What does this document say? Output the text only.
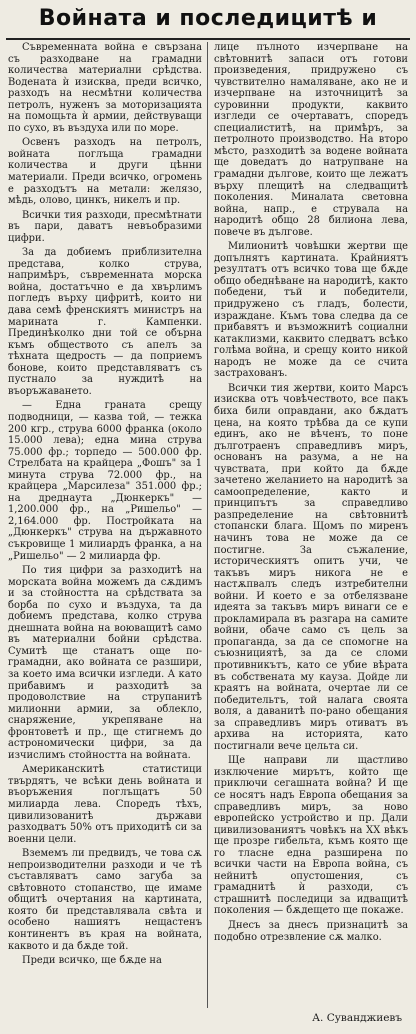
Войната и последицитѣ и

Съвременната война е свързана съ разходване на грамадни количества материални срѣдства. Водената ѝ изисква, преди всичко, разходъ на несмѣтни количества петролъ, нуженъ за моторизацията на помощьта ѝ армии, действуващи по сухо, въ въздуха или по море.

Освенъ разходъ на петролъ, войната поглъща грамадни количества и други цѣнни материали. Преди всичко, огромень е разходътъ на метали: желязо, мѣдь, олово, цинкъ, никелъ и пр.

Всички тия разходи, пресмѣтнати въ пари, даватъ невъобразими цифри.

За да добиемъ приблизителна представа, колко струва, напримѣръ, съвременната морска война, достатъчно е да хвърлимъ погледъ върху цифритѣ, които ни дава семѣ френскиятъ министръ на марината г. Кампенки. Прединѣколко дни той се обърна къмъ обществото съ апелъ за тѣхната щедрость — да поприемъ бонове, които представляватъ съ пустнало за нуждитѣ на въоръжаването.

— Една граната срещу подводници, — казва той, — тежка 200 кгр., струва 6000 франка (около 15.000 лева); една мина струва 75.000 фр.; торпедо — 500.000 фр. Стрелбата на крайцера „Фошъ" за 1 минута струва 72.000 фр., на крайцера „Марсилеза" 351.000 фр.; на дреднаута „Дюнкеркъ" — 1,200.000 фр., на „Ришельо" — 2,164.000 фр. Постройката на „Дюнкеркъ" струва на държавното съкровище 1 милиардъ франка, а на „Ришельо" — 2 милиарда фр.

По тия цифри за разходитѣ на морската война можемъ да сѫдимъ и за стойността на срѣдствата за борба по сухо и въздуха, та да добиемъ представа, колко струва днешната война на воюващитѣ само въ материални бойни срѣдства. Сумитѣ ще станатъ още по-грамадни, ако войната се разшири, за което има всички изгледи. А като прибавимъ и разходитѣ за продоволствие на струпанитѣ милионни армии, за облекло, снаряжение, укрепяване на фронтоветѣ и пр., ще стигнемъ до астрономически цифри, за да изчислимъ стойността на войната.

Американскитѣ статистици твърдятъ, че всѣки день войната и въоръжения поглъщатъ 50 милиарда лева. Споредъ тѣхъ, цивилизованитѣ държави разходватъ 50% отъ приходитѣ си за военни цели.

Вземемъ ли предвидъ, че това сѫ непроизводителни разходи и че тѣ съставляватъ само загуба за свѣтовното стопанство, ще имаме общитѣ очертания на картината, която би представлявала свѣта и особено нашиятъ нещастенъ континентъ въ края на войната, каквото и да бѫде той.

Преди всичко, ще бѫде на

лице пълното изчерпване на свѣтовнитѣ запаси отъ готови произведения, придружено съ чувствително намаляване, ако не и изчерпване на източницитѣ за суровинни продукти, каквито изгледи се очертаватъ, споредъ специалиститѣ, на примѣръ, за петролното производство. На второ мѣсто, разходитѣ за водене войната ще доведатъ до натрупване на грамадни дългове, които ще лежатъ върху плещитѣ на следващитѣ поколения. Миналата световна война, напр., е струвала на народитѣ общо 28 билиона лева, повече въ дългове.

Милионитѣ човѣшки жертви ще допълнятъ картината. Крайниятъ резултатъ отъ всичко това ще бѫде общо обеднѣване на народитѣ, както победени, тъй и победители, придружено съ гладъ, болести, израждане. Къмъ това следва да се прибавятъ и възможнитѣ социални катаклизми, каквито следватъ всѣко голѣма война, и срещу които никой народъ не може да се счита застрахованъ.

Всички тия жертви, които Марсъ изисква отъ човѣчеството, все пакъ биха били оправдани, ако бѫдатъ цена, на която трѣбва да се купи единъ, ако не вѣченъ, то поне дълготраенъ справедливъ миръ, основанъ на разума, а не на чувствата, при който да бѫде зачетено желанието на народитѣ за самоопределение, както и принципътъ за справедливо разпределение на свѣтовнитѣ стопански блага. Щомъ по миренъ начинъ това не може да се постигне. За съжаление, историческиятъ опитъ учи, че такъвъ миръ никога не е настѫпвалъ следъ изтребителни войни. И което е за отбелязване идеята за такъвъ миръ винаги се е прокламирала въ разгара на самите войни, обаче само съ цель за пропаганда, за да се спомогне на съюзнициятѣ, за да се сломи противникътъ, като се убие вѣрата въ собствената му кауза. Дойде ли краятъ на войната, очертае ли се победительтъ, той налага своята воля, а даванитѣ по-рано обещания за справедливъ миръ отиватъ въ архива на историята, като постигнали вече цельта си.

Ще направи ли щастливо изключение мирътъ, който ще приключи сегашната война? И ще се носятъ надъ Европа обещания за справедливъ миръ, за ново европейско устройство и пр. Дали цивилизованиятъ човѣкъ на XX вѣкъ ще прозре гибельта, къмъ която ще го тласне една разширена по всички части на Европа война, съ нейнитѣ опустошения, съ грамаднитѣ ѝ разходи, съ страшнитѣ последици за идващитѣ поколения — бѫдещето ще покаже.

Днесъ за днесъ признацитѣ за подобно отрезвление сѫ малко.

А. Суванджиевъ
